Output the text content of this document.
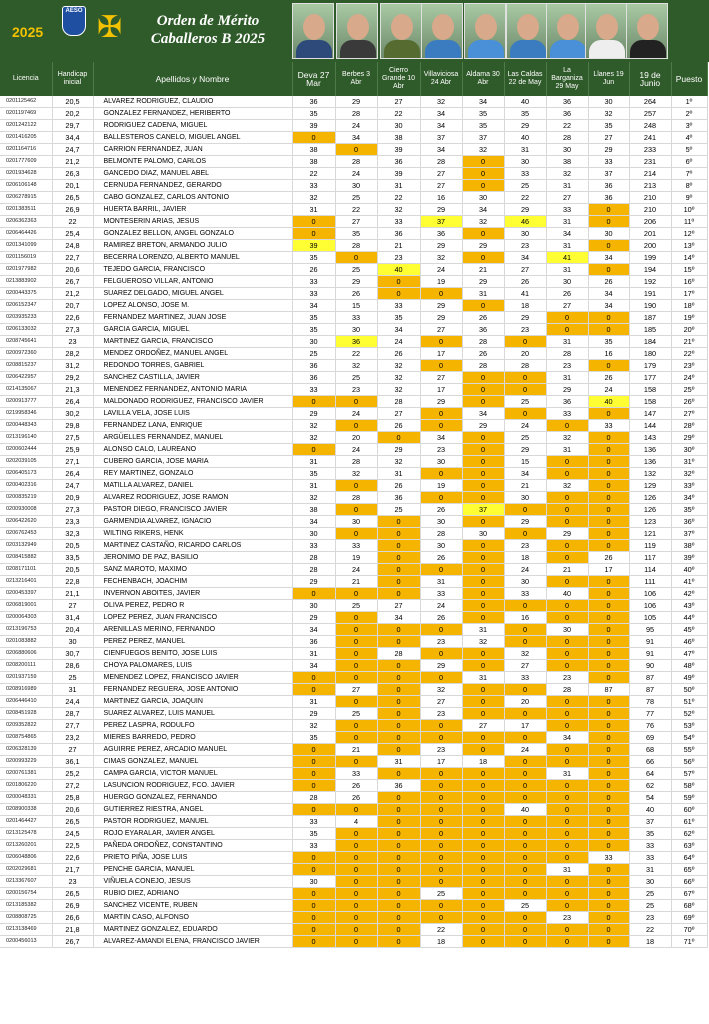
2025
AESO ✠	Orden de Mérito
Caballeros B 2025
Licencia	Handicap inicial	Apellidos y Nombre	Deva 27 Mar	Berbes 3 Abr	Cierro Grande 10 Abr	Villaviciosa 24 Abr	Aldama 30 Abr	Las Caldas 22 de May	La Barganiza 29 May	Llanes 19 Jun	19 de Junio	Puesto
0201125462	20,5	ALVAREZ RODRIGUEZ, CLAUDIO	36	29	27	32	34	40	36	30	264	1º
0201197469	20,2	GONZALEZ FERNANDEZ, HERIBERTO	35	28	22	34	35	35	36	32	257	2º
0201242122	29,7	RODRIGUEZ CADENA, MIGUEL	39	24	30	34	35	29	22	35	248	3º
0201416205	34,4	BALLESTEROS CANELO, MIGUEL ANGEL	0	34	38	37	37	40	28	27	241	4º
0201164716	24,7	CARRION FERNANDEZ, JUAN	38	0	39	34	32	31	30	29	233	5º
0201777609	21,2	BELMONTE PALOMO, CARLOS	38	28	36	28	0	30	38	33	231	6º
0201934628	26,3	GANCEDO DIAZ, MANUEL ABEL	22	24	39	27	0	33	32	37	214	7º
0206106148	20,1	CERNUDA FERNANDEZ, GERARDO	33	30	31	27	0	25	31	36	213	8º
0206278915	26,5	CABO GONZALEZ, CARLOS ANTONIO	32	25	22	16	30	22	27	36	210	9º
0201383511	26,9	HUERTA BARRIL, JAVIER	31	22	32	29	34	29	33	0	210	10º
0206362363	22	MONTESERIN ARIAS, JESUS	0	27	33	37	32	46	31	0	206	11º
0206464426	25,4	GONZALEZ BELLON, ANGEL GONZALO	0	35	36	36	0	30	34	30	201	12º
0201341099	24,8	RAMIREZ BRETON, ARMANDO JULIO	39	28	21	29	29	23	31	0	200	13º
0201156019	22,7	BECERRA LORENZO, ALBERTO MANUEL	35	0	23	32	0	34	41	34	199	14º
0201977982	20,6	TEJEDO GARCIA, FRANCISCO	26	25	40	24	21	27	31	0	194	15º
0213883902	26,7	FELGUEROSO VILLAR, ANTONIO	33	29	0	19	29	26	30	26	192	16º
0200443375	21,2	SUAREZ DELGADO, MIGUEL ANGEL	33	26	0	0	31	41	26	34	191	17º
0206152347	20,7	LOPEZ ALONSO, JOSE M.	34	15	33	29	0	18	27	34	190	18º
0203935233	22,6	FERNANDEZ MARTINEZ, JUAN JOSE	35	33	35	29	26	29	0	0	187	19º
0206133032	27,3	GARCIA GARCIA, MIGUEL	35	30	34	27	36	23	0	0	185	20º
0208745641	23	MARTINEZ GARCIA, FRANCISCO	30	36	24	0	28	0	31	35	184	21º
0200972360	28,2	MENDEZ ORDOÑEZ, MANUEL ANGEL	25	22	26	17	26	20	28	16	180	22º
0208815237	31,2	REDONDO TORRES, GABRIEL	36	32	32	0	28	28	23	0	179	23º
0206422957	29,2	SANCHEZ CASTILLA, JAVIER	36	25	32	27	0	0	31	26	177	24º
0214135067	21,3	MENENDEZ FERNANDEZ, ANTONIO MARIA	33	23	32	17	0	0	29	24	158	25º
0200913777	26,4	MALDONADO RODRIGUEZ, FRANCISCO JAVIER	0	0	28	29	0	25	36	40	158	26º
0219958346	30,2	LAVILLA VELA, JOSE LUIS	29	24	27	0	34	0	33	0	147	27º
0200448343	29,8	FERNANDEZ LANA, ENRIQUE	32	0	26	0	29	24	0	33	144	28º
0213196140	27,5	ARGÜELLES FERNANDEZ, MANUEL	32	20	0	34	0	25	32	0	143	29º
0200602444	25,9	ALONSO CALO, LAUREANO	0	24	29	23	0	29	31	0	136	30º
0202039105	27,1	CUBERO GARCIA, JOSE MARIA	31	28	32	30	0	15	0	0	136	31º
0206405173	26,4	REY MARTINEZ, GONZALO	35	32	31	0	0	34	0	0	132	32º
0200402316	24,7	MATILLA ALVAREZ, DANIEL	31	0	26	19	0	21	32	0	129	33º
0200835219	20,9	ALVAREZ RODRIGUEZ, JOSE RAMON	32	28	36	0	0	30	0	0	126	34º
0200930008	27,3	PASTOR DIEGO, FRANCISCO JAVIER	38	0	25	26	37	0	0	0	126	35º
0206422620	23,3	GARMENDIA ALVAREZ, IGNACIO	34	30	0	30	0	29	0	0	123	36º
0206762453	32,3	WILTING RIKERS, HENK	30	0	0	28	30	0	29	0	121	37º
0203132949	20,5	MARTINEZ CASTAÑO, RICARDO CARLOS	33	33	0	30	0	23	0	0	119	38º
0208415882	33,5	JERONIMO DE PAZ, BASILIO	28	19	0	26	0	18	0	26	117	39º
0208171101	20,5	SANZ MAROTO, MAXIMO	28	24	0	0	0	24	21	17	114	40º
0213216401	22,8	FECHENBACH, JOACHIM	29	21	0	31	0	30	0	0	111	41º
0200453397	21,1	INVERNON ABOITES, JAVIER	0	0	0	33	0	33	40	0	106	42º
0206819001	27	OLIVA PEREZ, PEDRO R	30	25	27	24	0	0	0	0	106	43º
0200064303	31,4	LOPEZ PEREZ, JUAN FRANCISCO	29	0	34	26	0	16	0	0	105	44º
0213196753	20,4	ARENILLAS MERINO, FERNANDO	34	0	0	0	31	0	30	0	95	45º
0201083882	30	PEREZ PEREZ, MANUEL	36	0	0	23	32	0	0	0	91	46º
0206880606	30,7	CIENFUEGOS BENITO, JOSE LUIS	31	0	28	0	0	32	0	0	91	47º
0208200111	28,6	CHOYA PALOMARES, LUIS	34	0	0	29	0	27	0	0	90	48º
0201937159	25	MENENDEZ LOPEZ, FRANCISCO JAVIER	0	0	0	0	31	33	23	0	87	49º
0208916989	31	FERNANDEZ REGUERA, JOSE ANTONIO	0	27	0	32	0	0	28	87	87	50º
0206446410	24,4	MARTINEZ GARCIA, JOAQUIN	31	0	0	27	0	20	0	0	78	51º
0208451928	28,7	SUAREZ ALVAREZ, LUIS MANUEL	29	25	0	23	0	0	0	0	77	52º
0209352822	27,7	PEREZ LASPRA, RODULFO	32	0	0	0	27	17	0	0	76	53º
0208754865	23,2	MIERES BARREDO, PEDRO	35	0	0	0	0	0	34	0	69	54º
0206328139	27	AGUIRRE PEREZ, ARCADIO MANUEL	0	21	0	23	0	24	0	0	68	55º
0200993229	36,1	CIMAS GONZALEZ, MANUEL	0	0	31	17	18	0	0	0	66	56º
0200761381	25,2	CAMPA GARCIA, VICTOR MANUEL	0	33	0	0	0	0	31	0	64	57º
0201806220	27,2	LASUNCION RODRIGUEZ, FCO. JAVIER	0	26	36	0	0	0	0	0	62	58º
0200048331	25,8	HUERGO GONZALEZ, FERNANDO	28	26	0	0	0	0	0	0	54	59º
0208900338	20,6	GUTIERREZ RIESTRA, ANGEL	0	0	0	0	0	40	0	0	40	60º
0201464427	26,5	PASTOR RODRIGUEZ, MANUEL	33	4	0	0	0	0	0	0	37	61º
0213125478	24,5	ROJO EYARALAR, JAVIER ANGEL	35	0	0	0	0	0	0	0	35	62º
0213260201	22,5	PAÑEDA ORDOÑEZ, CONSTANTINO	33	0	0	0	0	0	0	0	33	63º
0206048806	22,6	PRIETO PIÑA, JOSE LUIS	0	0	0	0	0	0	0	33	33	64º
0202029681	21,7	PENCHE GARCIA, MANUEL	0	0	0	0	0	0	31	0	31	65º
0213367607	23	VIÑUELA CONEJO, JESUS	30	0	0	0	0	0	0	0	30	66º
0200156754	26,5	RUBIO DIEZ, ADRIANO	0	0	0	25	0	0	0	0	25	67º
0213185382	26,9	SANCHEZ VICENTE, RUBEN	0	0	0	0	0	25	0	0	25	68º
0208808725	26,6	MARTIN CASO, ALFONSO	0	0	0	0	0	0	23	0	23	69º
0213138469	21,8	MARTINEZ GONZALEZ, EDUARDO	0	0	0	22	0	0	0	0	22	70º
0200456013	26,7	ALVAREZ-AMANDI ELENA, FRANCISCO JAVIER	0	0	0	18	0	0	0	0	18	71º
